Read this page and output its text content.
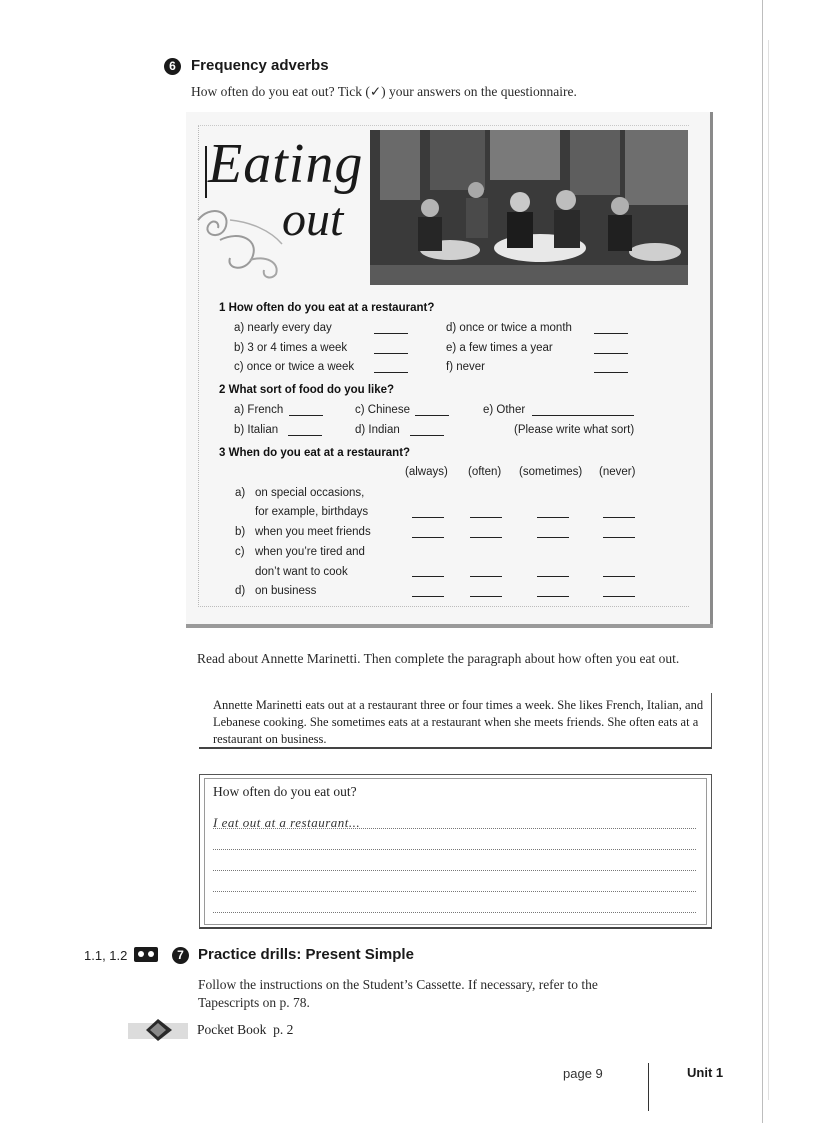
6	Frequency adverbs
How often do you eat out? Tick (✓) your answers on the questionnaire.
Eating
out
1 How often do you eat at a restaurant?
a) nearly every day
b) 3 or 4 times a week
c) once or twice a week
d) once or twice a month
e) a few times a year
f) never
2 What sort of food do you like?
a) French
b) Italian
c) Chinese
d) Indian
e) Other
(Please write what sort)
3 When do you eat at a restaurant?
(always) (often) (sometimes) (never)
a) on special occasions,
for example, birthdays
b) when you meet friends
c) when you’re tired and
don’t want to cook
d) on business
Read about Annette Marinetti. Then complete the paragraph about how often you eat out.
Annette Marinetti eats out at a restaurant three or four times a week. She likes French, Italian, and Lebanese cooking. She sometimes eats at a restaurant when she meets friends. She often eats at a restaurant on business.
How often do you eat out?
I eat out at a restaurant...
1.1, 1.2	7 Practice drills: Present Simple
Follow the instructions on the Student’s Cassette. If necessary, refer to the Tapescripts on p. 78.
Pocket Book  p. 2
page 9	Unit 1
